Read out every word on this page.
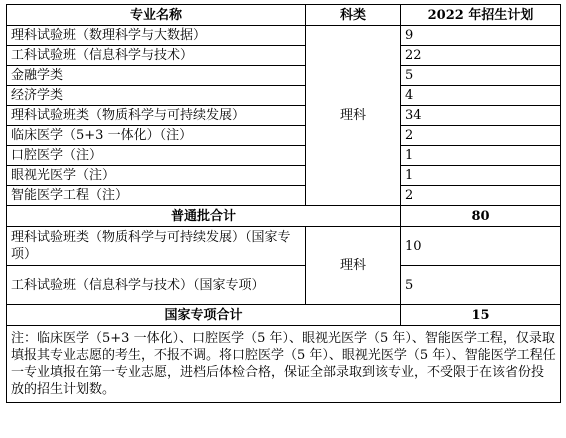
专业名称	科类	2022 年招生计划
理科试验班（数理科学与大数据）	理科	9
工科试验班（信息科学与技术）		22
金融学类		5
经济学类		4
理科试验班类（物质科学与可持续发展）		34
临床医学（5+3 一体化）（注）		2
口腔医学（注）		1
眼视光医学（注）		1
智能医学工程（注）		2
普通批合计		80
理科试验班类（物质科学与可持续发展）（国家专项）	理科	10
工科试验班（信息科学与技术）（国家专项）		5
国家专项合计		15
注：临床医学（5+3 一体化）、口腔医学（5 年）、眼视光医学（5 年）、智能医学工程，仅录取填报其专业志愿的考生，不报不调。将口腔医学（5 年）、眼视光医学（5 年）、智能医学工程任一专业填报在第一专业志愿，进档后体检合格，保证全部录取到该专业，不受限于在该省份投放的招生计划数。		
